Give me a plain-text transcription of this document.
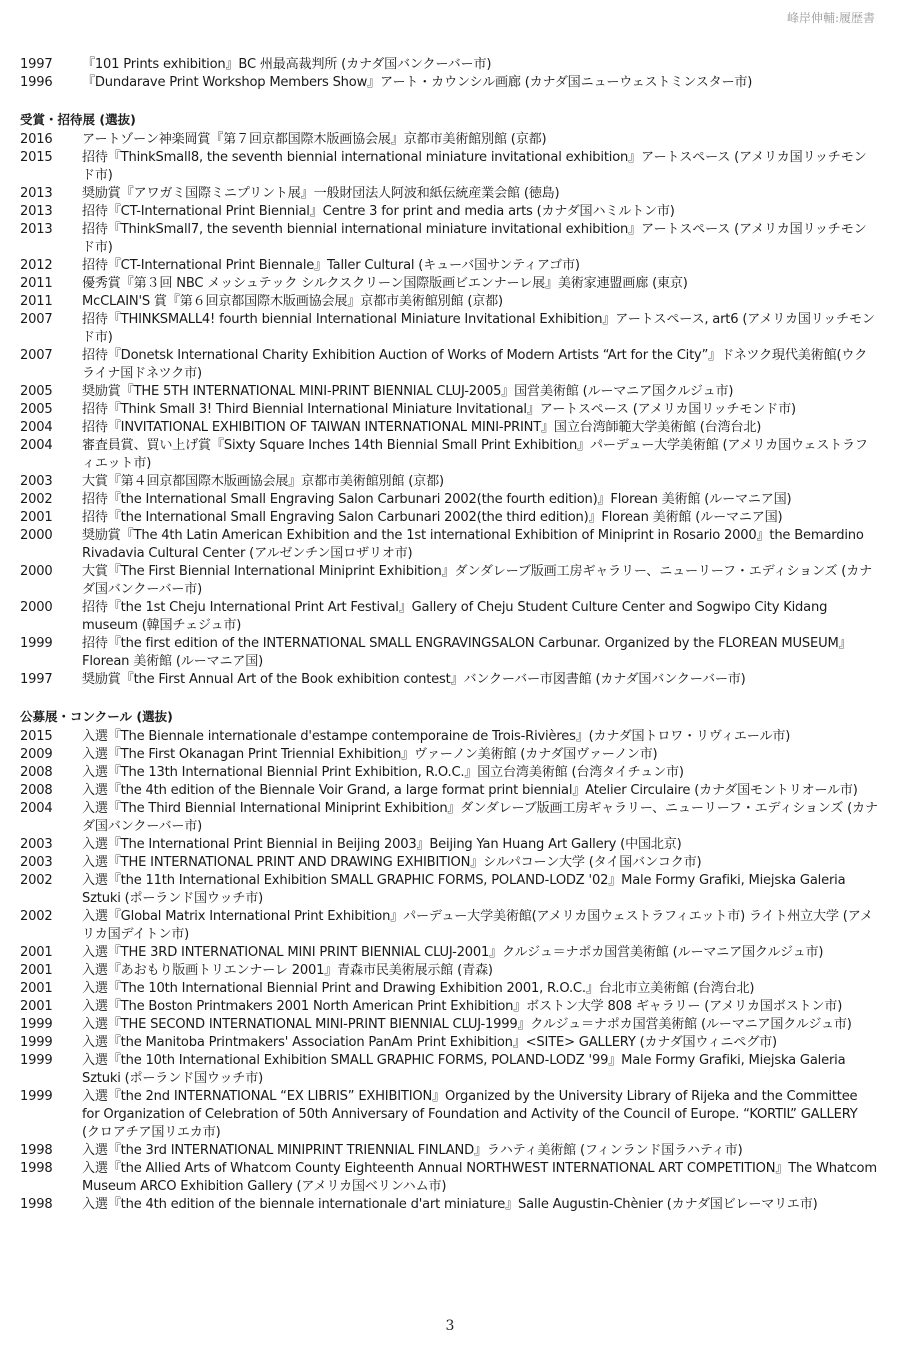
峰岸伸輔:履歴書
1997	『101 Prints exhibition』BC 州最高裁判所 (カナダ国バンクーバー市)
1996	『Dundarave Print Workshop Members Show』アート・カウンシル画廊 (カナダ国ニューウェストミンスター市)
受賞・招待展 (選抜)
2016	アートゾーン神楽岡賞『第７回京都国際木版画協会展』京都市美術館別館 (京都)
2015	招待『ThinkSmall8, the seventh biennial international miniature invitational exhibition』アートスペース (アメリカ国リッチモンド市)
2013	奨励賞『アワガミ国際ミニプリント展』一般財団法人阿波和紙伝統産業会館 (徳島)
2013	招待『CT-International Print Biennial』Centre 3 for print and media arts (カナダ国ハミルトン市)
2013	招待『ThinkSmall7, the seventh biennial international miniature invitational exhibition』アートスペース (アメリカ国リッチモンド市)
2012	招待『CT-International Print Biennale』Taller Cultural (キューバ国サンティアゴ市)
2011	優秀賞『第３回 NBC メッシュテック シルクスクリーン国際版画ビエンナーレ展』美術家連盟画廊 (東京)
2011	McCLAIN'S 賞『第６回京都国際木版画協会展』京都市美術館別館 (京都)
2007	招待『THINKSMALL4! fourth biennial International Miniature Invitational Exhibition』アートスペース, art6 (アメリカ国リッチモンド市)
2007	招待『Donetsk International Charity Exhibition Auction of Works of Modern Artists “Art for the City”』ドネツク現代美術館(ウクライナ国ドネツク市)
2005	奨励賞『THE 5TH INTERNATIONAL MINI-PRINT BIENNIAL CLUJ-2005』国営美術館 (ルーマニア国クルジュ市)
2005	招待『Think Small 3! Third Biennial International Miniature Invitational』アートスペース (アメリカ国リッチモンド市)
2004	招待『INVITATIONAL EXHIBITION OF TAIWAN INTERNATIONAL MINI-PRINT』国立台湾師範大学美術館 (台湾台北)
2004	審査員賞、買い上げ賞『Sixty Square Inches 14th Biennial Small Print Exhibition』パーデュー大学美術館 (アメリカ国ウェストラフィエット市)
2003	大賞『第４回京都国際木版画協会展』京都市美術館別館 (京都)
2002	招待『the International Small Engraving Salon Carbunari 2002(the fourth edition)』Florean 美術館 (ルーマニア国)
2001	招待『the International Small Engraving Salon Carbunari 2002(the third edition)』Florean 美術館 (ルーマニア国)
2000	奨励賞『The 4th Latin American Exhibition and the 1st international Exhibition of Miniprint in Rosario 2000』the Bemardino Rivadavia Cultural Center (アルゼンチン国ロザリオ市)
2000	大賞『The First Biennial International Miniprint Exhibition』ダンダレーブ版画工房ギャラリー、ニューリーフ・エディションズ (カナダ国バンクーバー市)
2000	招待『the 1st Cheju International Print Art Festival』Gallery of Cheju Student Culture Center and Sogwipo City Kidang museum (韓国チェジュ市)
1999	招待『the first edition of the INTERNATIONAL SMALL ENGRAVINGSALON Carbunar. Organized by the FLOREAN MUSEUM』Florean 美術館 (ルーマニア国)
1997	奨励賞『the First Annual Art of the Book exhibition contest』バンクーバー市図書館 (カナダ国バンクーバー市)
公募展・コンクール (選抜)
2015	入選『The Biennale internationale d'estampe contemporaine de Trois-Rivières』(カナダ国トロワ・リヴィエール市)
2009	入選『The First Okanagan Print Triennial Exhibition』ヴァーノン美術館 (カナダ国ヴァーノン市)
2008	入選『The 13th International Biennial Print Exhibition, R.O.C.』国立台湾美術館 (台湾タイチュン市)
2008	入選『the 4th edition of the Biennale Voir Grand, a large format print biennial』Atelier Circulaire (カナダ国モントリオール市)
2004	入選『The Third Biennial International Miniprint Exhibition』ダンダレーブ版画工房ギャラリー、ニューリーフ・エディションズ (カナダ国バンクーバー市)
2003	入選『The International Print Biennial in Beijing 2003』Beijing Yan Huang Art Gallery (中国北京)
2003	入選『THE INTERNATIONAL PRINT AND DRAWING EXHIBITION』シルパコーン大学 (タイ国バンコク市)
2002	入選『the 11th International Exhibition SMALL GRAPHIC FORMS, POLAND-LODZ '02』Male Formy Grafiki, Miejska Galeria Sztuki (ポーランド国ウッチ市)
2002	入選『Global Matrix International Print Exhibition』パーデュー大学美術館(アメリカ国ウェストラフィエット市) ライト州立大学 (アメリカ国デイトン市)
2001	入選『THE 3RD INTERNATIONAL MINI PRINT BIENNIAL CLUJ-2001』クルジュ＝ナポカ国営美術館 (ルーマニア国クルジュ市)
2001	入選『あおもり版画トリエンナーレ 2001』青森市民美術展示館 (青森)
2001	入選『The 10th International Biennial Print and Drawing Exhibition 2001, R.O.C.』台北市立美術館 (台湾台北)
2001	入選『The Boston Printmakers 2001 North American Print Exhibition』ボストン大学 808 ギャラリー (アメリカ国ボストン市)
1999	入選『THE SECOND INTERNATIONAL MINI-PRINT BIENNIAL CLUJ-1999』クルジュ＝ナポカ国営美術館 (ルーマニア国クルジュ市)
1999	入選『the Manitoba Printmakers' Association PanAm Print Exhibition』<SITE> GALLERY (カナダ国ウィニペグ市)
1999	入選『the 10th International Exhibition SMALL GRAPHIC FORMS, POLAND-LODZ '99』Male Formy Grafiki, Miejska Galeria Sztuki (ポーランド国ウッチ市)
1999	入選『the 2nd INTERNATIONAL “EX LIBRIS” EXHIBITION』Organized by the University Library of Rijeka and the Committee for Organization of Celebration of 50th Anniversary of Foundation and Activity of the Council of Europe. “KORTIL” GALLERY (クロアチア国リエカ市)
1998	入選『the 3rd INTERNATIONAL MINIPRINT TRIENNIAL FINLAND』ラハティ美術館 (フィンランド国ラハティ市)
1998	入選『the Allied Arts of Whatcom County Eighteenth Annual NORTHWEST INTERNATIONAL ART COMPETITION』The Whatcom Museum ARCO Exhibition Gallery (アメリカ国ベリンハム市)
1998	入選『the 4th edition of the biennale internationale d'art miniature』Salle Augustin-Chènier (カナダ国ビレーマリエ市)
3
